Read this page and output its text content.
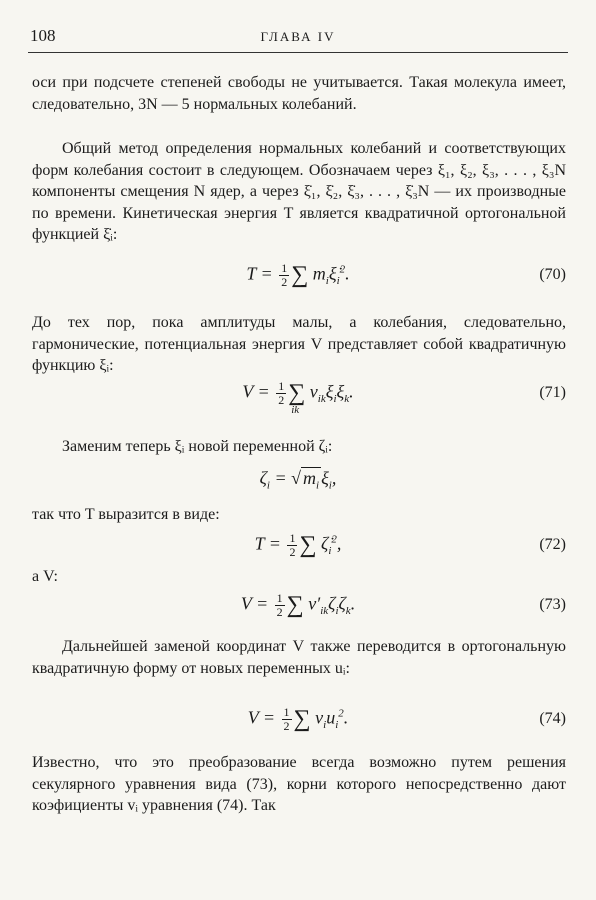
108	ГЛАВА IV

оси при подсчете степеней свободы не учитывается. Такая молекула имеет, следовательно, 3N — 5 нормальных колебаний.

Общий метод определения нормальных колебаний и соответствующих форм колебания состоит в следующем. Обозначаем через ξ₁, ξ₂, ξ₃, . . . , ξ₃N компоненты смещения N ядер, а через ξ̇₁, ξ̇₂, ξ̇₃, . . . , ξ̇₃N — их производные по времени. Кинетическая энергия T является квадратичной ортогональной функцией ξ̇ᵢ:

$T = \frac{1}{2}$ ∑ $m_i\xi̇_i^2$.	(70)

До тех пор, пока амплитуды малы, а колебания, следовательно, гармонические, потенциальная энергия V представляет собой квадратичную функцию ξᵢ:

$V = \frac{1}{2}$ ∑
ik
$v_{ik}\xi_i\xi_k$.	(71)

Заменим теперь ξᵢ новой переменной ζᵢ:

$\zeta_i$ = √ $m_i$ $\xi_i$,

так что T выразится в виде:

$T = \frac{1}{2}$ ∑ $\zetȧ_i^2$,	(72)

а V:

$V = \frac{1}{2}$ ∑ $v'_{ik}\zeta_i\zeta_k$.	(73)

Дальнейшей заменой координат V также переводится в ортогональную квадратичную форму от новых переменных uᵢ:

$V = \frac{1}{2}$ ∑ $v_iu_i^2$.	(74)

Известно, что это преобразование всегда возможно путем решения секулярного уравнения вида (73), корни которого непосредственно дают коэфициенты vᵢ уравнения (74). Так
